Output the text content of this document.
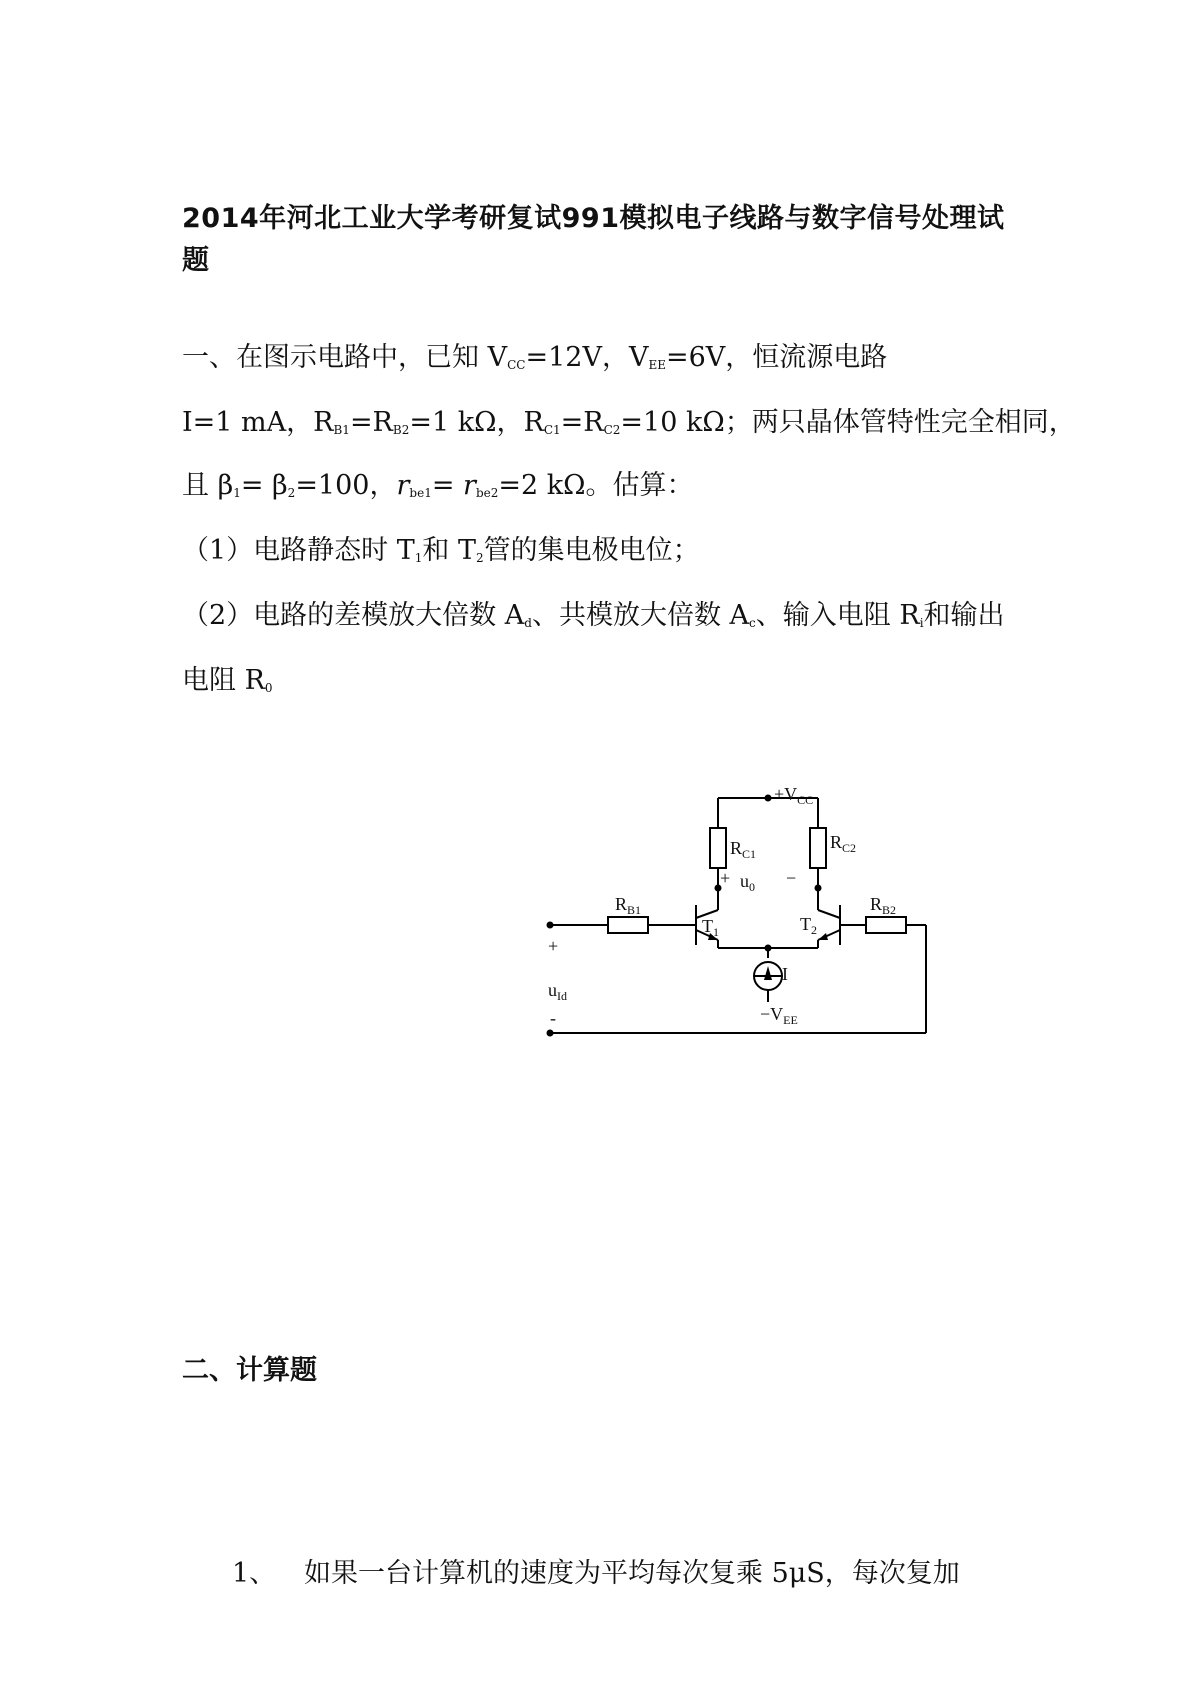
2014年河北工业大学考研复试991模拟电子线路与数字信号处理试题
一、在图示电路中，已知 $V_{CC}=12V$，$V_{EE}=6V$，恒流源电路
I=1 mA，$R_{B1}=R_{B2}=1$ kΩ，$R_{C1}=R_{C2}=10$ kΩ；两只晶体管特性完全相同，
且 $\beta_1= \beta_2=100$，$r_{be1}= r_{be2}=2$ kΩ。估算：
（1）电路静态时 $T_1$和 $T_2$管的集电极电位；
（2）电路的差模放大倍数 $A_d$、共模放大倍数 $A_c$、输入电阻 $R_i$和输出
电阻 $R_0$
$+V_{CC}$
$R_{C1}$
$R_{C2}$
+ $u_0$ −
$R_{B1}$	$R_{B2}$
$T_1$	$T_2$
+
$u_{Id}$
-
I
$-V_{EE}$
二、计算题
1、 如果一台计算机的速度为平均每次复乘 5μS，每次复加
